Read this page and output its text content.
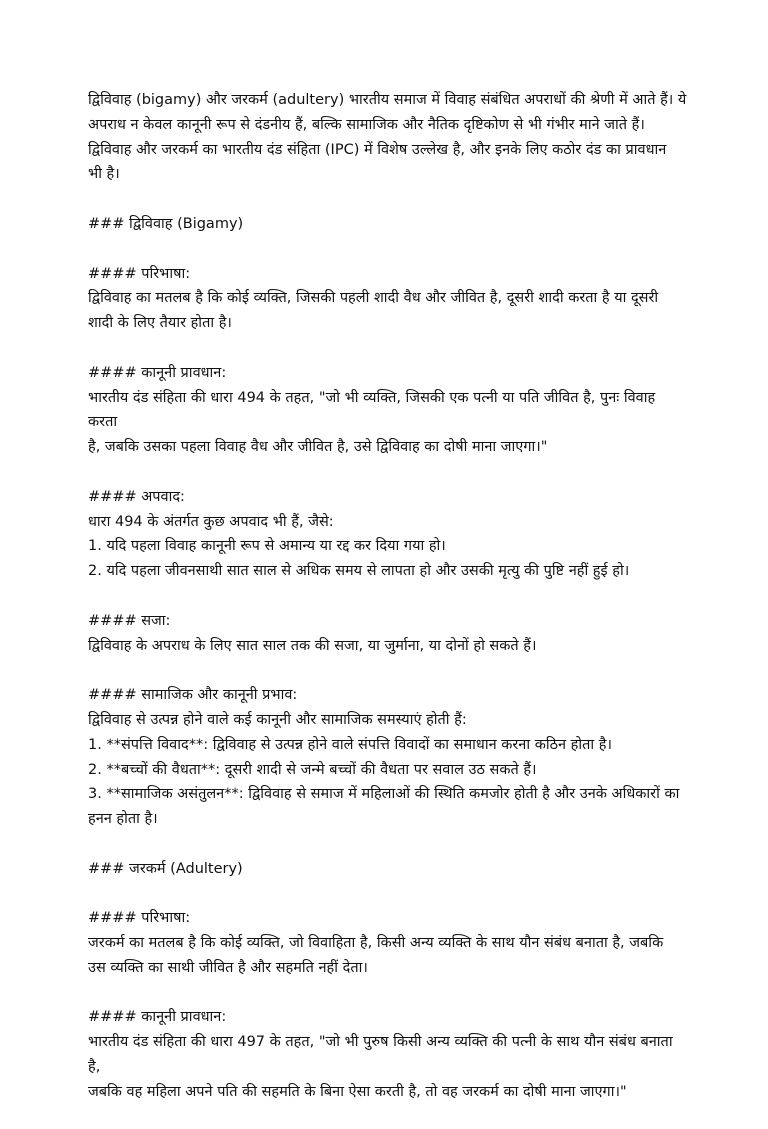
द्विविवाह (bigamy) और जरकर्म (adultery) भारतीय समाज में विवाह संबंधित अपराधों की श्रेणी में आते हैं। ये
अपराध न केवल कानूनी रूप से दंडनीय हैं, बल्कि सामाजिक और नैतिक दृष्टिकोण से भी गंभीर माने जाते हैं।
द्विविवाह और जरकर्म का भारतीय दंड संहिता (IPC) में विशेष उल्लेख है, और इनके लिए कठोर दंड का प्रावधान
भी है।
### द्विविवाह (Bigamy)
#### परिभाषा:
द्विविवाह का मतलब है कि कोई व्यक्ति, जिसकी पहली शादी वैध और जीवित है, दूसरी शादी करता है या दूसरी
शादी के लिए तैयार होता है।
#### कानूनी प्रावधान:
भारतीय दंड संहिता की धारा 494 के तहत, "जो भी व्यक्ति, जिसकी एक पत्नी या पति जीवित है, पुनः विवाह करता
है, जबकि उसका पहला विवाह वैध और जीवित है, उसे द्विविवाह का दोषी माना जाएगा।"
#### अपवाद:
धारा 494 के अंतर्गत कुछ अपवाद भी हैं, जैसे:
1. यदि पहला विवाह कानूनी रूप से अमान्य या रद्द कर दिया गया हो।
2. यदि पहला जीवनसाथी सात साल से अधिक समय से लापता हो और उसकी मृत्यु की पुष्टि नहीं हुई हो।
#### सजा:
द्विविवाह के अपराध के लिए सात साल तक की सजा, या जुर्माना, या दोनों हो सकते हैं।
#### सामाजिक और कानूनी प्रभाव:
द्विविवाह से उत्पन्न होने वाले कई कानूनी और सामाजिक समस्याएं होती हैं:
1. **संपत्ति विवाद**: द्विविवाह से उत्पन्न होने वाले संपत्ति विवादों का समाधान करना कठिन होता है।
2. **बच्चों की वैधता**: दूसरी शादी से जन्मे बच्चों की वैधता पर सवाल उठ सकते हैं।
3. **सामाजिक असंतुलन**: द्विविवाह से समाज में महिलाओं की स्थिति कमजोर होती है और उनके अधिकारों का
हनन होता है।
### जरकर्म (Adultery)
#### परिभाषा:
जरकर्म का मतलब है कि कोई व्यक्ति, जो विवाहिता है, किसी अन्य व्यक्ति के साथ यौन संबंध बनाता है, जबकि
उस व्यक्ति का साथी जीवित है और सहमति नहीं देता।
#### कानूनी प्रावधान:
भारतीय दंड संहिता की धारा 497 के तहत, "जो भी पुरुष किसी अन्य व्यक्ति की पत्नी के साथ यौन संबंध बनाता है,
जबकि वह महिला अपने पति की सहमति के बिना ऐसा करती है, तो वह जरकर्म का दोषी माना जाएगा।"
